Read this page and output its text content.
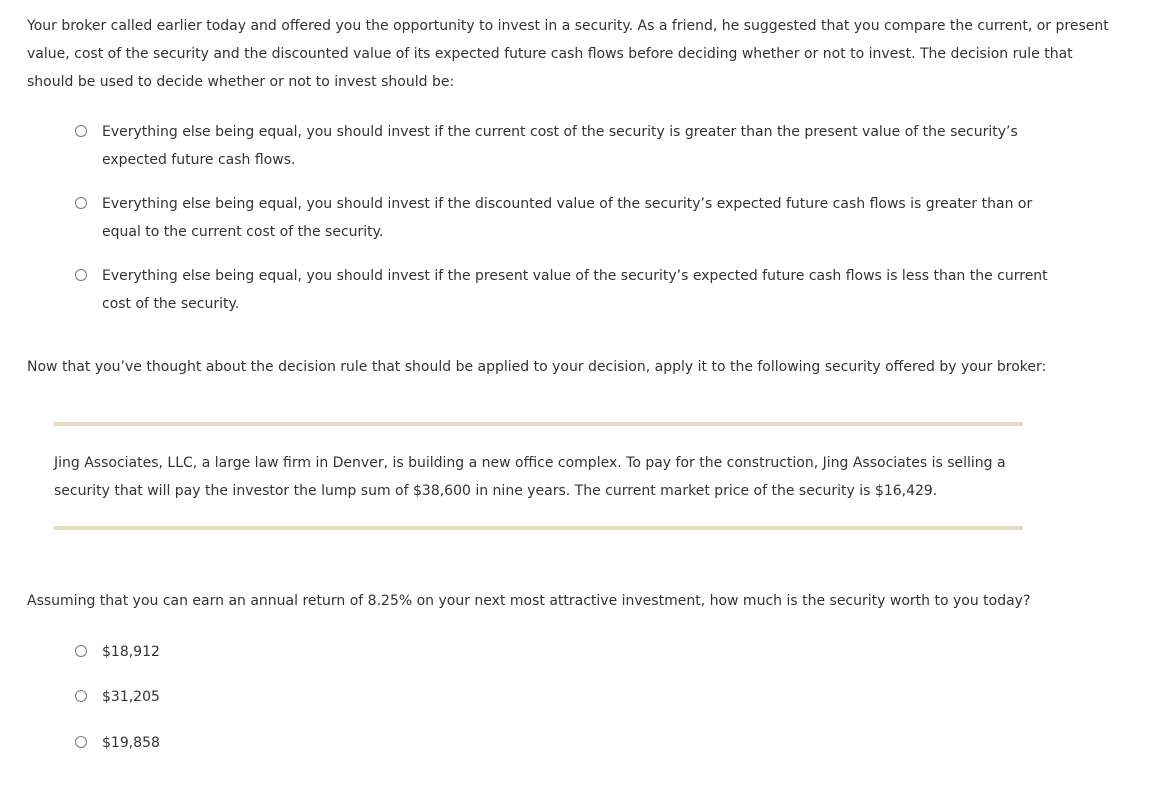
Your broker called earlier today and offered you the opportunity to invest in a security. As a friend, he suggested that you compare the current, or present value, cost of the security and the discounted value of its expected future cash flows before deciding whether or not to invest. The decision rule that should be used to decide whether or not to invest should be:

Everything else being equal, you should invest if the current cost of the security is greater than the present value of the security’s expected future cash flows.
Everything else being equal, you should invest if the discounted value of the security’s expected future cash flows is greater than or equal to the current cost of the security.
Everything else being equal, you should invest if the present value of the security’s expected future cash flows is less than the current cost of the security.

Now that you’ve thought about the decision rule that should be applied to your decision, apply it to the following security offered by your broker:

Jing Associates, LLC, a large law firm in Denver, is building a new office complex. To pay for the construction, Jing Associates is selling a security that will pay the investor the lump sum of $38,600 in nine years. The current market price of the security is $16,429.

Assuming that you can earn an annual return of 8.25% on your next most attractive investment, how much is the security worth to you today?

$18,912
$31,205
$19,858
